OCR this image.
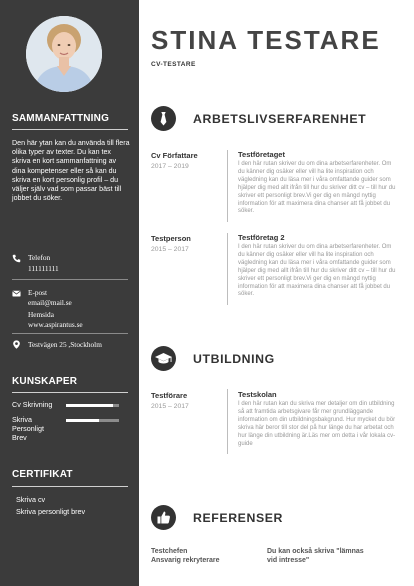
SAMMANFATTNING
Den här ytan kan du använda till flera olika typer av texter. Du kan tex skriva en kort sammanfattning av dina kompetenser eller så kan du skriva en kort personlig profil – du väljer själv vad som passar bäst till jobbet du söker.
Telefon
111111111
E-post
email@mail.se
Hemsida
www.aspirantus.se
Testvägen 25 ,Stockholm
KUNSKAPER
Cv Skrivning
Skriva Personligt Brev
CERTIFIKAT
Skriva cv
Skriva personligt brev
STINA TESTARE
CV-TESTARE
ARBETSLIVSERFARENHET
Cv Författare
2017 – 2019
Testföretaget
I den här rutan skriver du om dina arbetserfarenheter. Om du känner dig osäker eller vill ha lite inspiration och vägledning kan du läsa mer i våra omfattande guider som hjälper dig med allt ifrån till hur du skriver ditt cv – till hur du skriver ett personligt brev.Vi ger dig en mängd nyttig information för att maximera dina chanser att få jobbet du söker.
Testperson
2015 – 2017
Testföretag 2
I den här rutan skriver du om dina arbetserfarenheter. Om du känner dig osäker eller vill ha lite inspiration och vägledning kan du läsa mer i våra omfattande guider som hjälper dig med allt ifrån till hur du skriver ditt cv – till hur du skriver ett personligt brev.Vi ger dig en mängd nyttig information för att maximera dina chanser att få jobbet du söker.
UTBILDNING
Testförare
2015 – 2017
Testskolan
I den här rutan kan du skriva mer detaljer om din utbildning så att framtida arbetsgivare får mer grundläggande information om din utbildningsbakgrund. Hur mycket du bör skriva här beror till stor del på hur länge du har arbetat och hur länge din utbildning är.Läs mer om detta i vår lokala cv-guide
REFERENSER
Testchefen
Ansvarig rekryterare
Du kan också skriva "lämnas
vid intresse"
